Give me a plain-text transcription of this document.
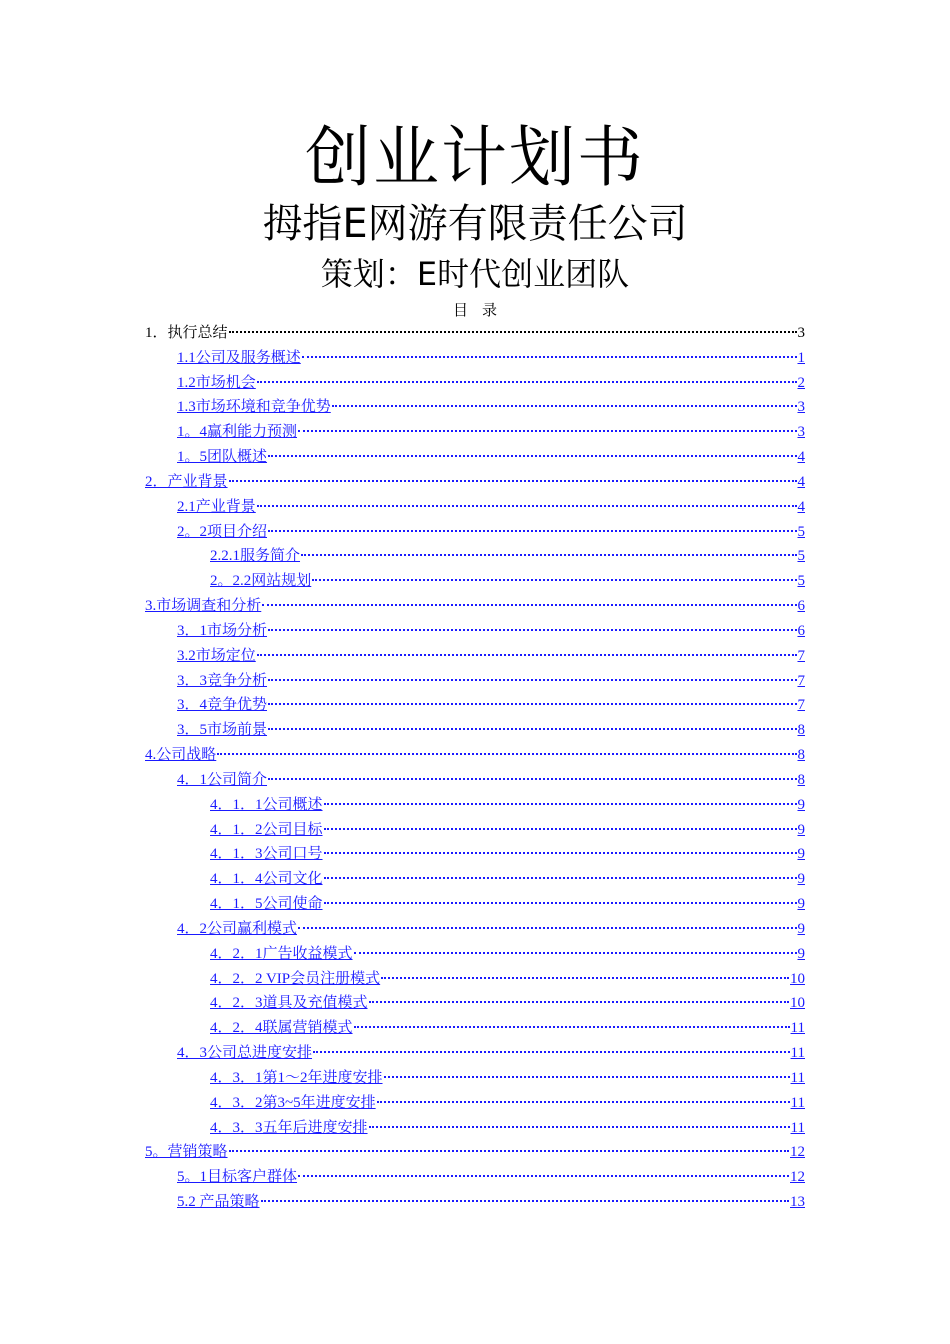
创业计划书
拇指E网游有限责任公司
策划：E时代创业团队
目录
1．执行总结	3
1.1公司及服务概述	1
1.2市场机会	2
1.3市场环境和竞争优势	3
1。4赢利能力预测	3
1。5团队概述	4
2．产业背景	4
2.1产业背景	4
2。2项目介绍	5
2.2.1服务简介	5
2。2.2网站规划	5
3.市场调查和分析	6
3．1市场分析	6
3.2市场定位	7
3．3竞争分析	7
3．4竞争优势	7
3．5市场前景	8
4.公司战略	8
4．1公司简介	8
4．1．1公司概述	9
4．1．2公司目标	9
4．1．3公司口号	9
4．1．4公司文化	9
4．1．5公司使命	9
4．2公司赢利模式	9
4．2．1广告收益模式	9
4．2．2 VIP会员注册模式	10
4．2．3道具及充值模式	10
4．2．4联属营销模式	11
4．3公司总进度安排	11
4．3．1第1～2年进度安排	11
4．3．2第3~5年进度安排	11
4．3．3五年后进度安排	11
5。营销策略	12
5。1目标客户群体	12
5.2 产品策略	13
